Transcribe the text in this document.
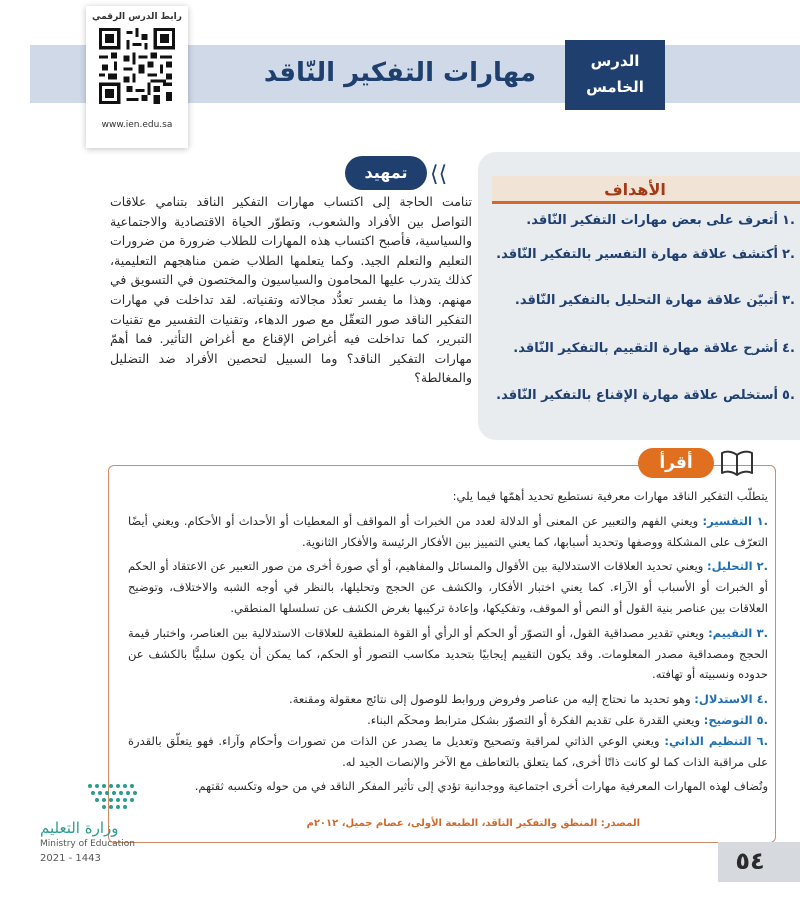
الدرس
الخامس
مهارات التفكير النّاقد
رابط الدرس الرقمي
www.ien.edu.sa
الأهداف
.١
أتعرف على بعض مهارات التفكير النّاقد.
.٢
أكتشف علاقة مهارة التفسير بالتفكير النّاقد.
.٣
أتبيّن علاقة مهارة التحليل بالتفكير النّاقد.
.٤
أشرح علاقة مهارة التقييم بالتفكير النّاقد.
.٥
أستخلص علاقة مهارة الإقناع بالتفكير النّاقد.
⟩⟩
تمهيد
تنامت الحاجة إلى اكتساب مهارات التفكير الناقد بتنامي علاقات التواصل بين الأفراد والشعوب، وتطوّر الحياة الاقتصادية والاجتماعية والسياسية، فأصبح اكتساب هذه المهارات للطلاب ضرورة من ضرورات التعليم والتعلم الجيد. وكما يتعلمها الطلاب ضمن مناهجهم التعليمية، كذلك يتدرب عليها المحامون والسياسيون والمختصون في التسويق في مهنهم. وهذا ما يفسر تعدُّد مجالاته وتقنياته. لقد تداخلت في مهارات التفكير الناقد صور التعقّل مع صور الدهاء، وتقنيات التفسير مع تقنيات التبرير، كما تداخلت فيه أغراض الإقناع مع أغراض التأثير. فما أهمّ مهارات التفكير الناقد؟ وما السبيل لتحصين الأفراد ضد التضليل والمغالطة؟
أقرأ

يتطلّب التفكير الناقد مهارات معرفية نستطيع تحديد أهمّها فيما يلي:

.١ التفسير: ويعني الفهم والتعبير عن المعنى أو الدلالة لعدد من الخبرات أو المواقف أو المعطيات أو الأحداث أو الأحكام. ويعني أيضًا التعرّف على المشكلة ووصفها وتحديد أسبابها، كما يعني التمييز بين الأفكار الرئيسة والأفكار الثانوية.

.٢ التحليل: ويعني تحديد العلاقات الاستدلالية بين الأقوال والمسائل والمفاهيم، أو أي صورة أخرى من صور التعبير عن الاعتقاد أو الحكم أو الخبرات أو الأسباب أو الآراء. كما يعني اختبار الأفكار، والكشف عن الحجج وتحليلها، بالنظر في أوجه الشبه والاختلاف، وتوضيح العلاقات بين عناصر بنية القول أو النص أو الموقف، وتفكيكها، وإعادة تركيبها بغرض الكشف عن تسلسلها المنطقي.

.٣ التقييم: ويعني تقدير مصداقية القول، أو التصوّر أو الحكم أو الرأي أو القوة المنطقية للعلاقات الاستدلالية بين العناصر، واختبار قيمة الحجج ومصداقية مصدر المعلومات. وقد يكون التقييم إيجابيًا بتحديد مكاسب التصور أو الحكم، كما يمكن أن يكون سلبيًّا بالكشف عن حدوده ونسبيته أو تهافته.

.٤ الاستدلال: وهو تحديد ما نحتاج إليه من عناصر وفروض وروابط للوصول إلى نتائج معقولة ومقنعة.

.٥ التوضيح: ويعني القدرة على تقديم الفكرة أو التصوّر بشكل مترابط ومحكَم البناء.

.٦ التنظيم الذاتي: ويعني الوعي الذاتي لمراقبة وتصحيح وتعديل ما يصدر عن الذات من تصورات وأحكام وآراء. فهو يتعلّق بالقدرة على مراقبة الذات كما لو كانت ذاتًا أخرى، كما يتعلق بالتعاطف مع الآخر والإنصات الجيد له.

وتُضاف لهذه المهارات المعرفية مهارات أخرى اجتماعية ووجدانية تؤدي إلى تأثير المفكر الناقد في من حوله وتكسبه ثقتهم.

المصدر: المنطق والتفكير الناقد، الطبعة الأولى، عصام جميل، ٢٠١٢م
وزارة التعليم
Ministry of Education
2021 - 1443	٥٤
